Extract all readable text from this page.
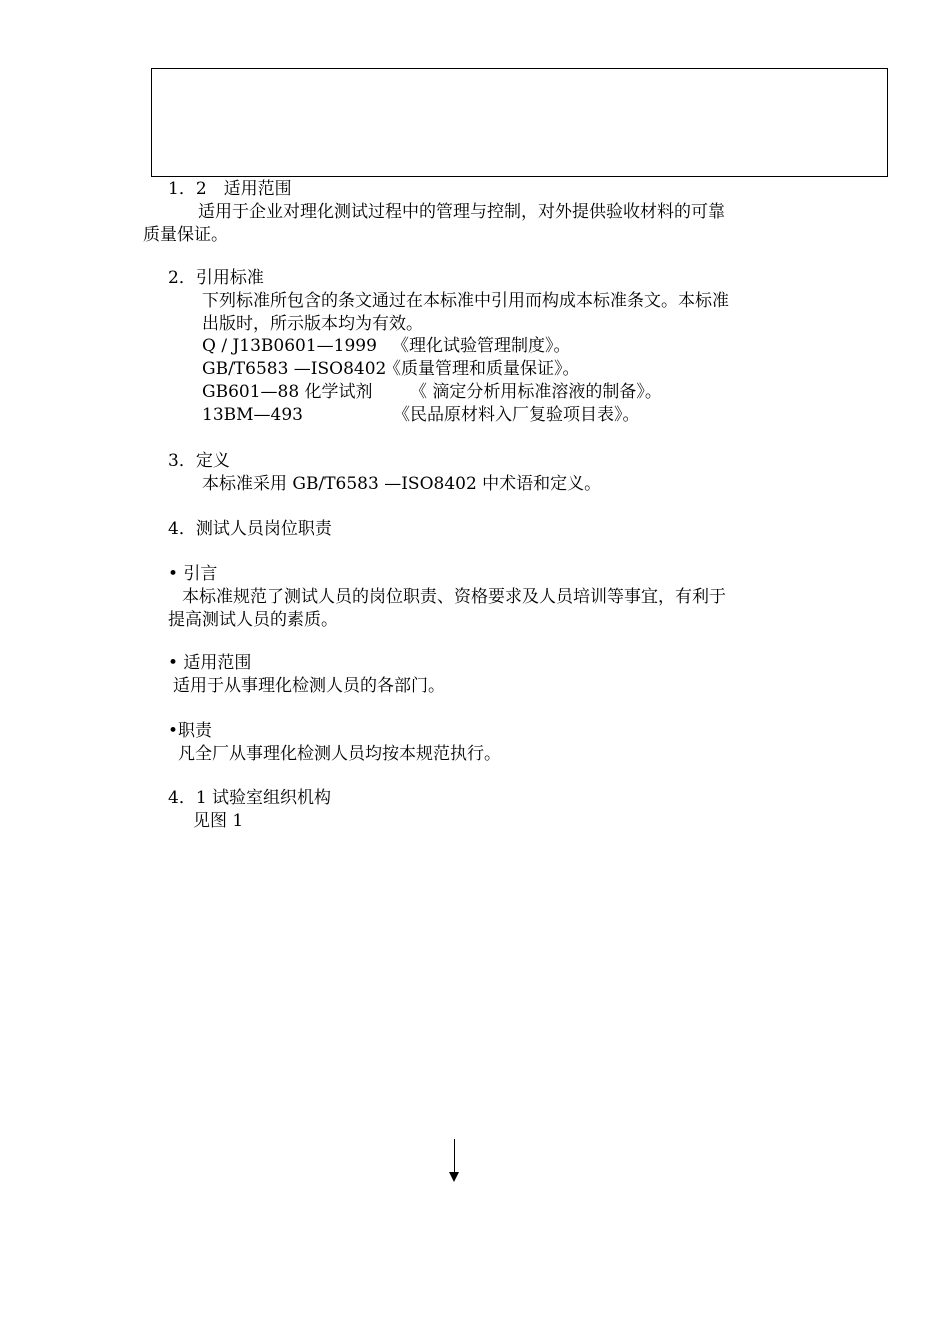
1．2　适用范围
适用于企业对理化测试过程中的管理与控制，对外提供验收材料的可靠
质量保证。
2．引用标准
下列标准所包含的条文通过在本标准中引用而构成本标准条文。本标准
出版时，所示版本均为有效。
Q / J13B0601—1999 《理化试验管理制度》。
GB/T6583 —ISO8402
《质量管理和质量保证》。
GB601—88 化学试剂 《 滴定分析用标准溶液的制备》。
13BM—493	《民品原材料入厂复验项目表》。
3．定义
本标准采用 GB/T6583 —ISO8402 中术语和定义。
4．测试人员岗位职责
• 引言
本标准规范了测试人员的岗位职责、资格要求及人员培训等事宜，有利于
提高测试人员的素质。
• 适用范围
适用于从事理化检测人员的各部门。
•职责
凡全厂从事理化检测人员均按本规范执行。
4．1 试验室组织机构
见图 1
